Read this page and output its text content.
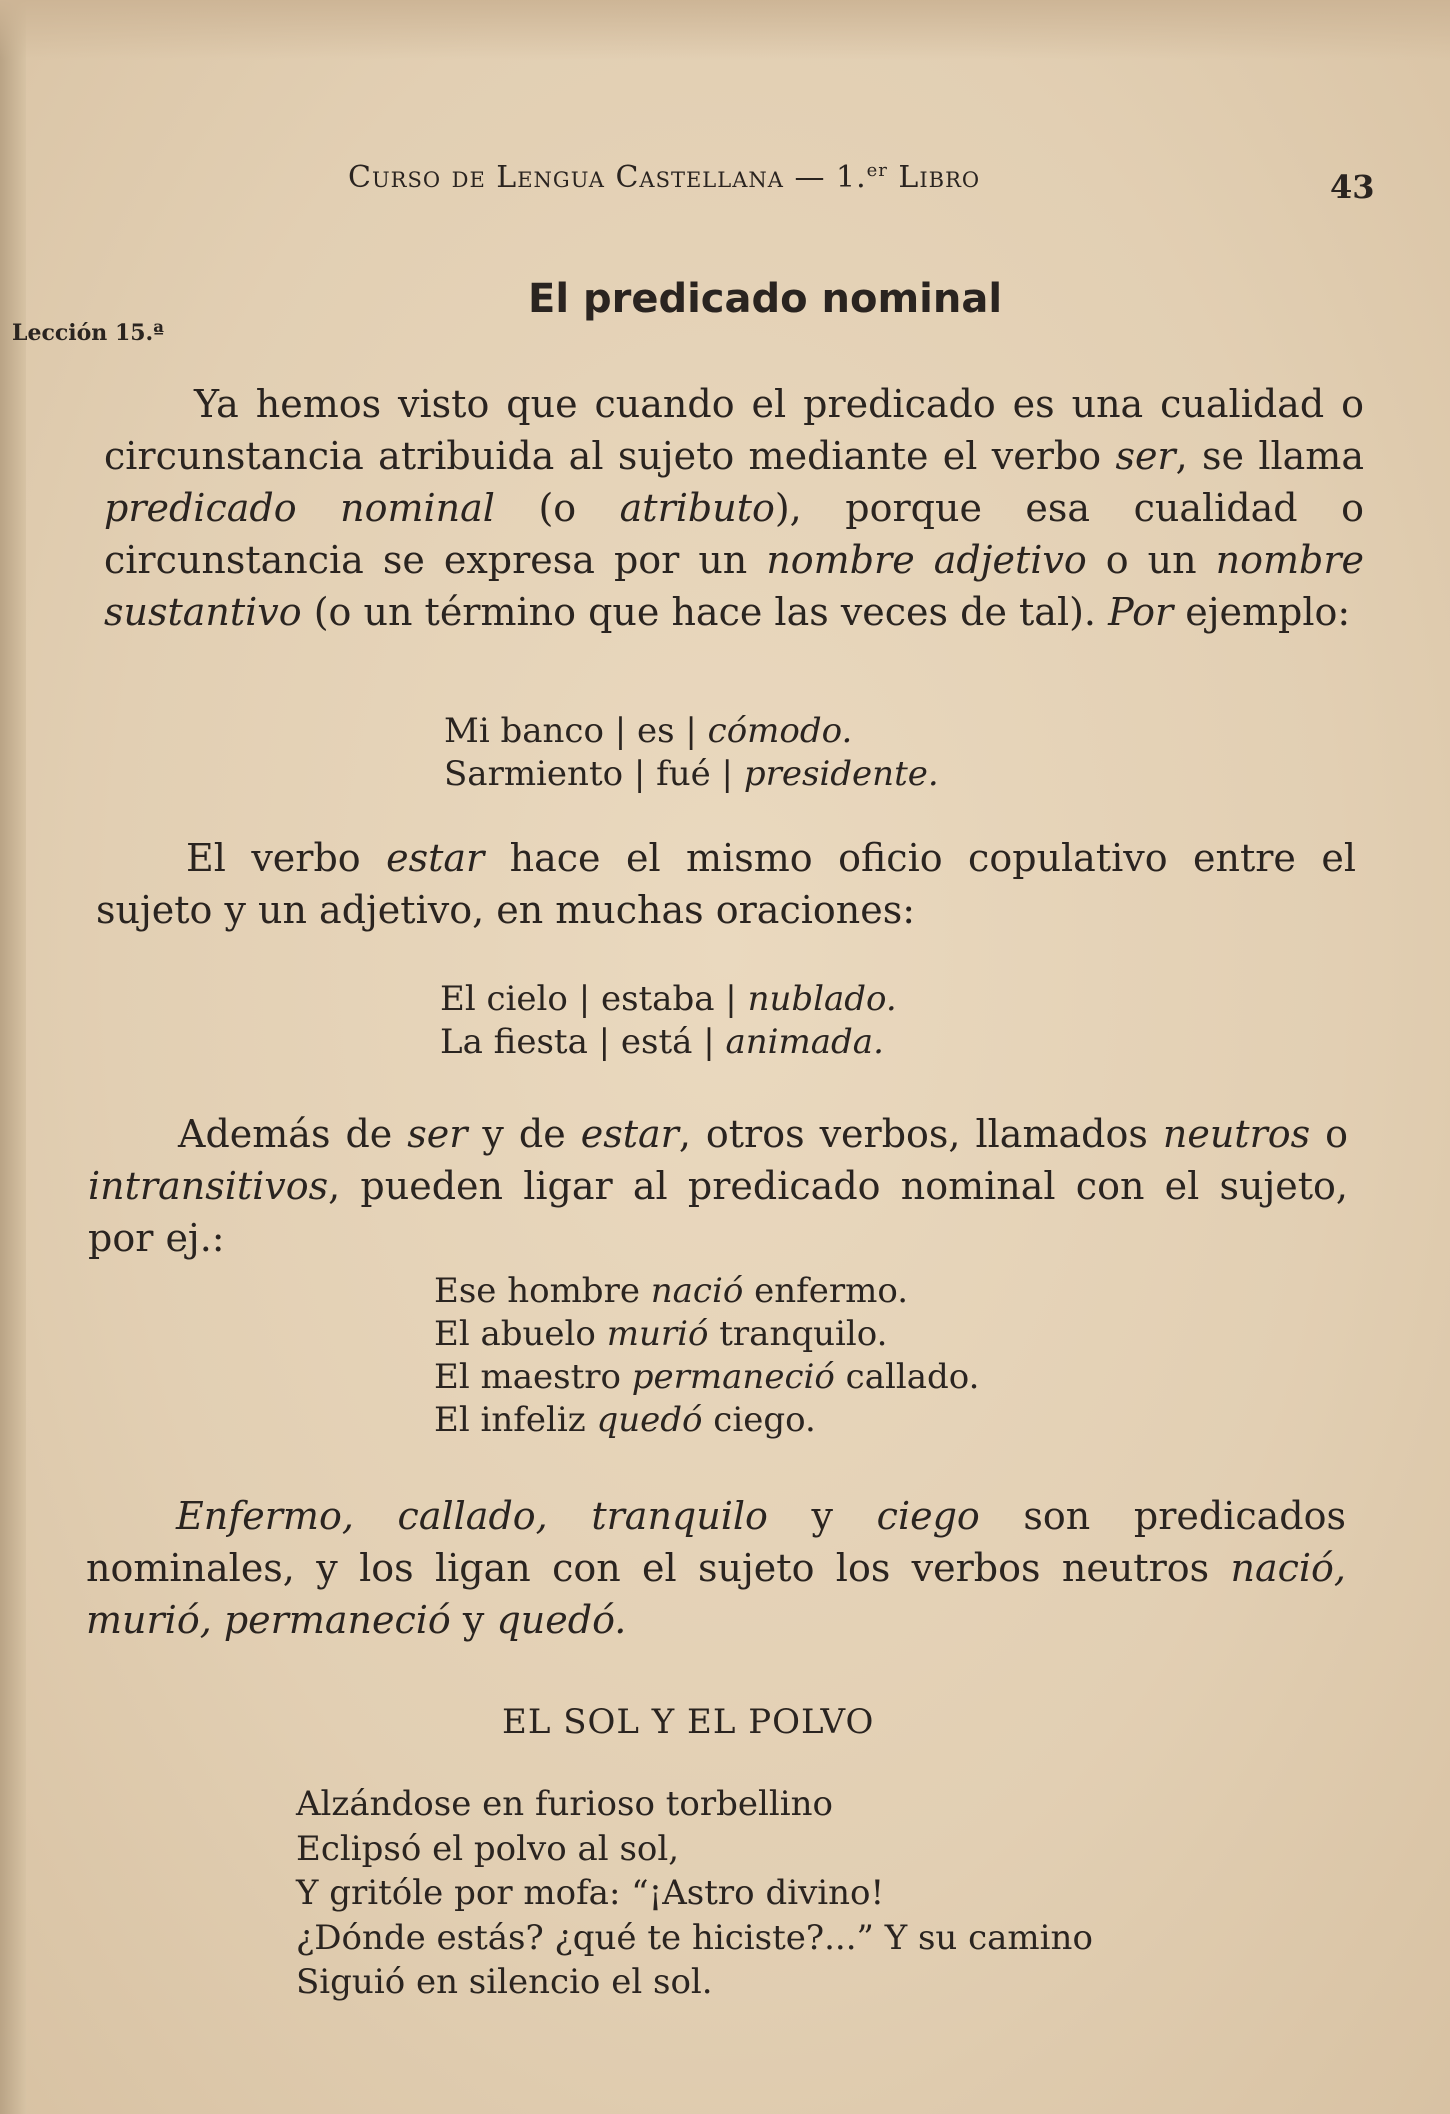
Curso de Lengua Castellana — 1.$^{er}$ Libro	43
Lección 15.ª
El predicado nominal

Ya hemos visto que cuando el predicado es una cualidad o circunstancia atribuida al sujeto mediante el verbo ser, se llama predicado nominal (o atributo), porque esa cualidad o circunstancia se expresa por un nombre adjetivo o un nombre sustantivo (o un término que hace las veces de tal). Por ejemplo:

Mi banco | es | cómodo.
Sarmiento | fué | presidente.

El verbo estar hace el mismo oficio copulativo entre el sujeto y un adjetivo, en muchas oraciones:

El cielo | estaba | nublado.
La fiesta | está | animada.

Además de ser y de estar, otros verbos, llamados neutros o intransitivos, pueden ligar al predicado nominal con el sujeto, por ej.:

Ese hombre nació enfermo.
El abuelo murió tranquilo.
El maestro permaneció callado.
El infeliz quedó ciego.

Enfermo, callado, tranquilo y ciego son predicados nominales, y los ligan con el sujeto los verbos neutros nació, murió, permaneció y quedó.

EL SOL Y EL POLVO
Alzándose en furioso torbellino
Eclipsó el polvo al sol,
Y gritóle por mofa: “¡Astro divino!
¿Dónde estás? ¿qué te hiciste?...” Y su camino
Siguió en silencio el sol.
